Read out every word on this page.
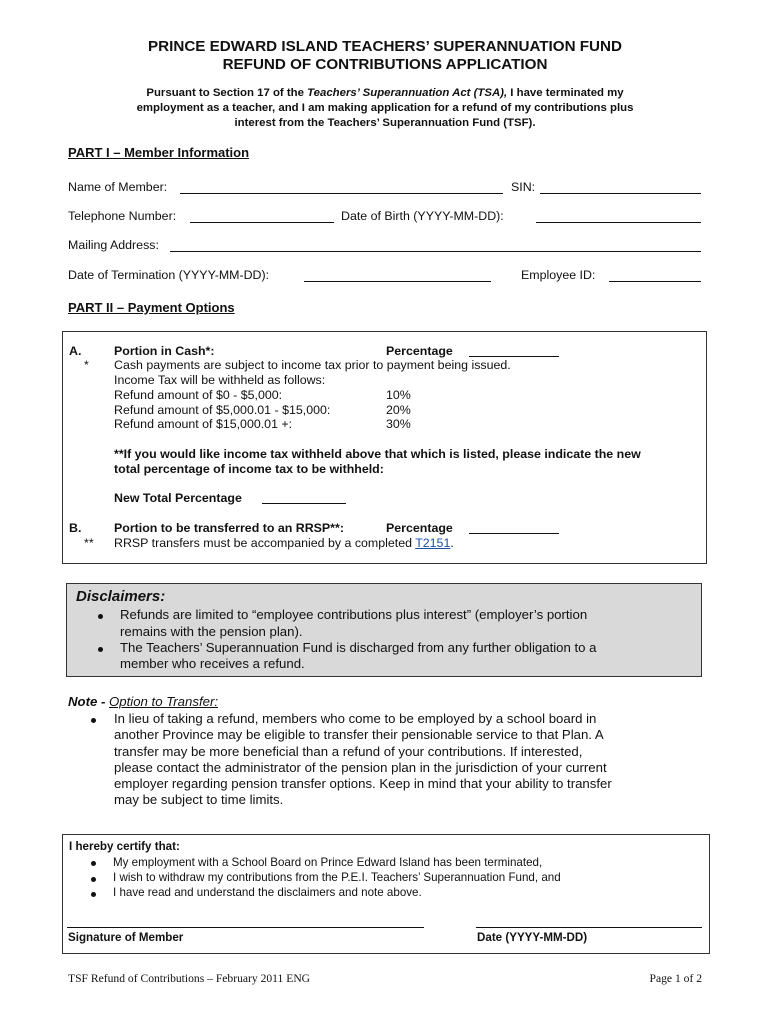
PRINCE EDWARD ISLAND TEACHERS’ SUPERANNUATION FUND
REFUND OF CONTRIBUTIONS APPLICATION
Pursuant to Section 17 of the Teachers’ Superannuation Act (TSA), I have terminated my
employment as a teacher, and I am making application for a refund of my contributions plus
interest from the Teachers’ Superannuation Fund (TSF).
PART I – Member Information
Name of Member:	SIN:
Telephone Number:	Date of Birth (YYYY-MM-DD):
Mailing Address:
Date of Termination (YYYY-MM-DD):	Employee ID:
PART II – Payment Options
A.	Portion in Cash*:	Percentage
* Cash payments are subject to income tax prior to payment being issued.
Income Tax will be withheld as follows:
Refund amount of $0 - $5,000:	10%
Refund amount of $5,000.01 - $15,000:	20%
Refund amount of $15,000.01 +:	30%
**If you would like income tax withheld above that which is listed, please indicate the new
total percentage of income tax to be withheld:
New Total Percentage
B.	Portion to be transferred to an RRSP**:	Percentage
** RRSP transfers must be accompanied by a completed T2151.
Disclaimers:
Refunds are limited to “employee contributions plus interest” (employer’s portion
remains with the pension plan).
The Teachers’ Superannuation Fund is discharged from any further obligation to a
member who receives a refund.
Note - Option to Transfer:
In lieu of taking a refund, members who come to be employed by a school board in
another Province may be eligible to transfer their pensionable service to that Plan. A
transfer may be more beneficial than a refund of your contributions. If interested,
please contact the administrator of the pension plan in the jurisdiction of your current
employer regarding pension transfer options. Keep in mind that your ability to transfer
may be subject to time limits.
I hereby certify that:
My employment with a School Board on Prince Edward Island has been terminated,
I wish to withdraw my contributions from the P.E.I. Teachers’ Superannuation Fund, and
I have read and understand the disclaimers and note above.
Signature of Member	Date (YYYY-MM-DD)
TSF Refund of Contributions – February 2011 ENG	Page 1 of 2
